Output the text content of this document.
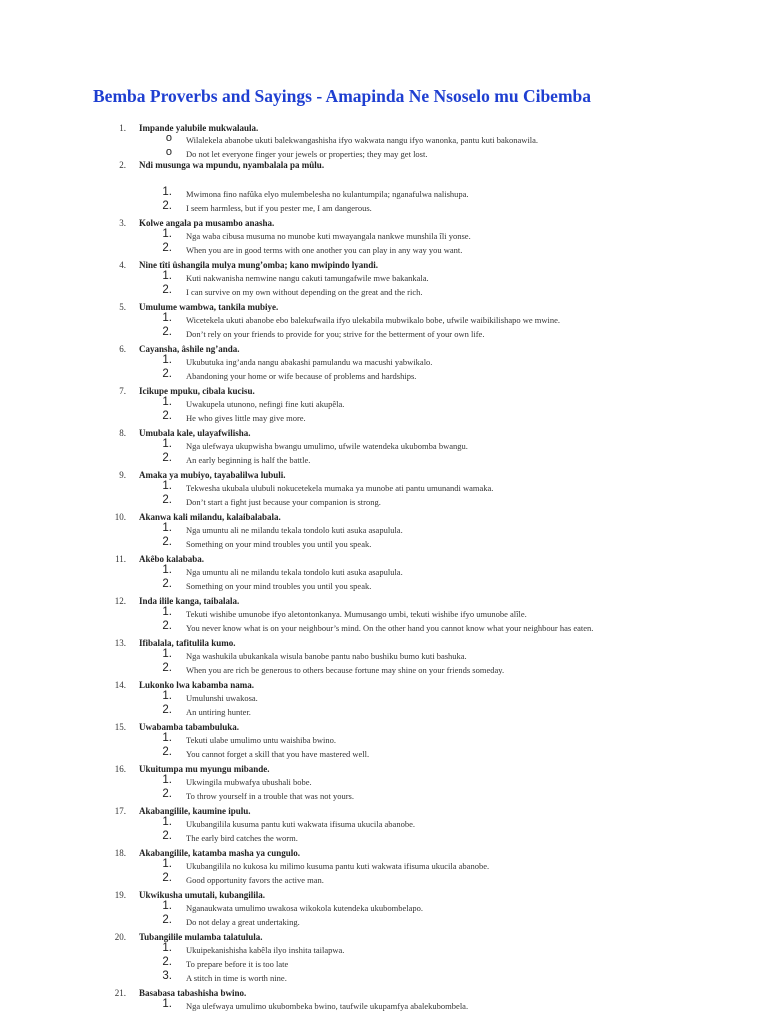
Bemba Proverbs and Sayings - Amapinda Ne Nsoselo mu Cibemba
1. Impande yalubile mukwalaula.
o Wilalekela abanobe ukuti balekwangashisha ifyo wakwata nangu ifyo wanonka, pantu kuti bakonawila.
o Do not let everyone finger your jewels or properties; they may get lost.
2. Ndi musunga wa mpundu, nyambalala pa mûlu.
1. Mwimona fino nafûka elyo mulembelesha no kulantumpila; nganafulwa nalishupa.
2. I seem harmless, but if you pester me, I am dangerous.
3. Kolwe angala pa musambo anasha.
1. Nga waba cibusa musuma no munobe kuti mwayangala nankwe munshila îli yonse.
2. When you are in good terms with one another you can play in any way you want.
4. Nine tîti ûshangila mulya mung’omba; kano mwipindo lyandi.
1. Kuti nakwanisha nemwine nangu cakuti tamungafwile mwe bakankala.
2. I can survive on my own without depending on the great and the rich.
5. Umulume wambwa, tankila mubiye.
1. Wicetekela ukuti abanobe ebo balekufwaila ifyo ulekabila mubwikalo bobe, ufwile waibikilishapo we mwine.
2. Don’t rely on your friends to provide for you; strive for the betterment of your own life.
6. Cayansha, âshile ng’anda.
1. Ukubutuka ing’anda nangu abakashi pamulandu wa macushi yabwikalo.
2. Abandoning your home or wife because of problems and hardships.
7. Icikupe mpuku, cibala kucisu.
1. Uwakupela utunono, nefingi fine kuti akupêla.
2. He who gives little may give more.
8. Umubala kale, ulayafwilisha.
1. Nga ulefwaya ukupwisha bwangu umulimo, ufwile watendeka ukubomba bwangu.
2. An early beginning is half the battle.
9. Amaka ya mubiyo, tayabalilwa lubuli.
1. Tekwesha ukubala ulubuli nokucetekela mumaka ya munobe ati pantu umunandi wamaka.
2. Don’t start a fight just because your companion is strong.
10. Akanwa kali milandu, kalaibalabala.
1. Nga umuntu ali ne milandu tekala tondolo kuti asuka asapulula.
2. Something on your mind troubles you until you speak.
11. Akêbo kalababa.
1. Nga umuntu ali ne milandu tekala tondolo kuti asuka asapulula.
2. Something on your mind troubles you until you speak.
12. Inda ilile kanga, taibalala.
1. Tekuti wishibe umunobe ifyo aletontonkanya. Mumusango umbi, tekuti wishibe ifyo umunobe alîle.
2. You never know what is on your neighbour’s mind. On the other hand you cannot know what your neighbour has eaten.
13. Ifibalala, tafitulila kumo.
1. Nga washukila ubukankala wisula banobe pantu nabo bushiku bumo kuti bashuka.
2. When you are rich be generous to others because fortune may shine on your friends someday.
14. Lukonko lwa kabamba nama.
1. Umulunshi uwakosa.
2. An untiring hunter.
15. Uwabamba tabambuluka.
1. Tekuti ulabe umulimo untu waishiba bwino.
2. You cannot forget a skill that you have mastered well.
16. Ukuitumpa mu myungu mibande.
1. Ukwingila mubwafya ubushali bobe.
2. To throw yourself in a trouble that was not yours.
17. Akabangilile, kaumine ipulu.
1. Ukubangilila kusuma pantu kuti wakwata ifisuma ukucila abanobe.
2. The early bird catches the worm.
18. Akabangilile, katamba masha ya cungulo.
1. Ukubangilila no kukosa ku milimo kusuma pantu kuti wakwata ifisuma ukucila abanobe.
2. Good opportunity favors the active man.
19. Ukwikusha umutali, kubangilila.
1. Nganaukwata umulimo uwakosa wikokola kutendeka ukubombelapo.
2. Do not delay a great undertaking.
20. Tubangilile mulamba talatulula.
1. Ukuipekanishisha kabêla ilyo inshita tailapwa.
2. To prepare before it is too late
3. A stitch in time is worth nine.
21. Basabasa tabashisha bwino.
1. Nga ulefwaya umulimo ukubombeka bwino, taufwile ukupamfya abalekubombela.
